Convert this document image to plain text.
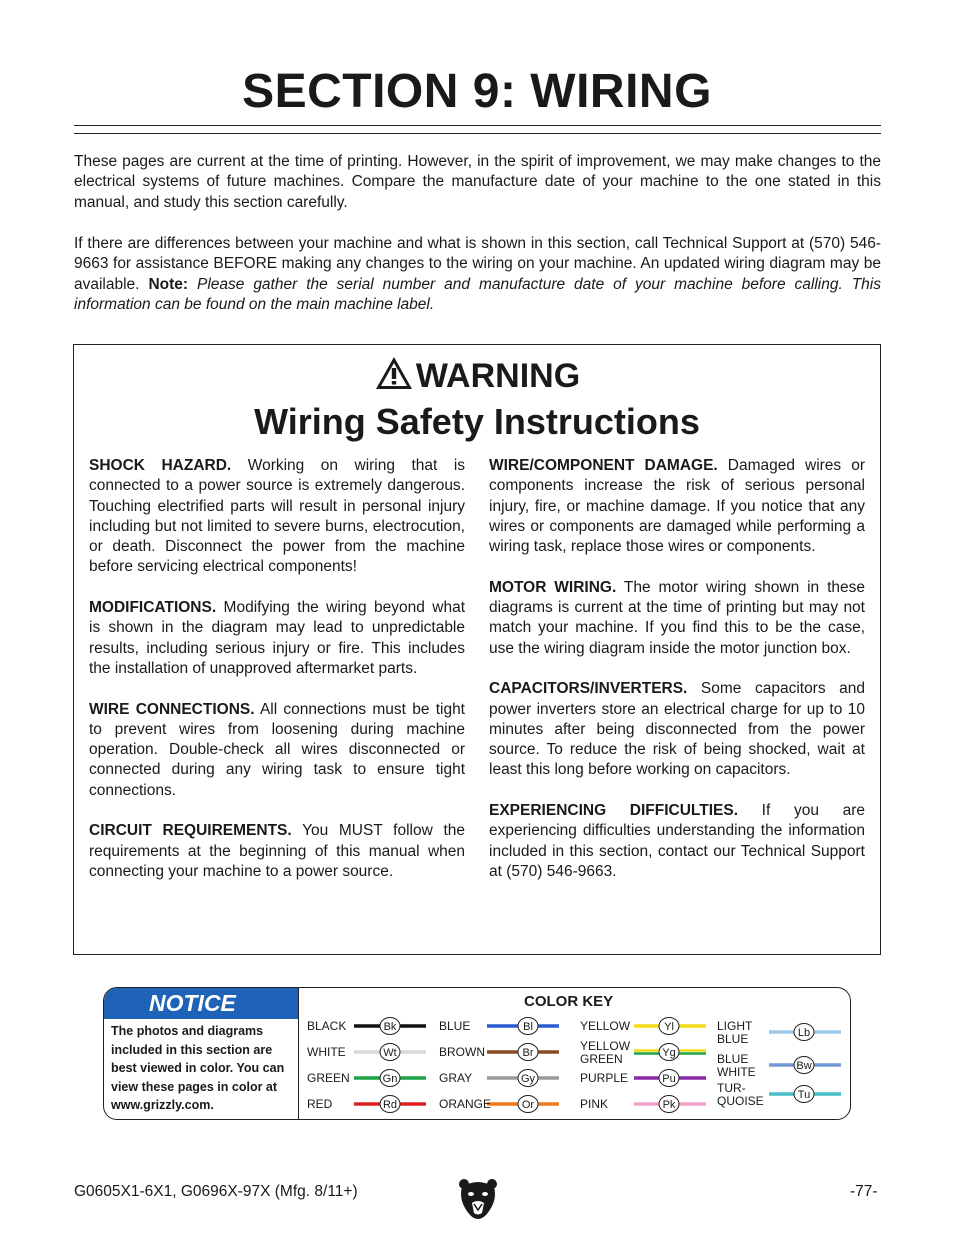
SECTION 9: WIRING

These pages are current at the time of printing. However, in the spirit of improvement, we may make changes to the electrical systems of future machines. Compare the manufacture date of your machine to the one stated in this manual, and study this section carefully.

If there are differences between your machine and what is shown in this section, call Technical Support at (570) 546-9663 for assistance BEFORE making any changes to the wiring on your machine. An updated wiring diagram may be available. Note: Please gather the serial number and manufacture date of your machine before calling. This information can be found on the main machine label.

WARNING
Wiring Safety Instructions

SHOCK HAZARD. Working on wiring that is connected to a power source is extremely dangerous. Touching electrified parts will result in personal injury including but not limited to severe burns, electrocution, or death. Disconnect the power from the machine before servicing electrical components!

MODIFICATIONS. Modifying the wiring beyond what is shown in the diagram may lead to unpredictable results, including serious injury or fire. This includes the installation of unapproved aftermarket parts.

WIRE CONNECTIONS. All connections must be tight to prevent wires from loosening during machine operation. Double-check all wires disconnected or connected during any wiring task to ensure tight connections.

CIRCUIT REQUIREMENTS. You MUST follow the requirements at the beginning of this manual when connecting your machine to a power source.

WIRE/COMPONENT DAMAGE. Damaged wires or components increase the risk of serious personal injury, fire, or machine damage. If you notice that any wires or components are damaged while performing a wiring task, replace those wires or components.

MOTOR WIRING. The motor wiring shown in these diagrams is current at the time of printing but may not match your machine. If you find this to be the case, use the wiring diagram inside the motor junction box.

CAPACITORS/INVERTERS. Some capacitors and power inverters store an electrical charge for up to 10 minutes after being disconnected from the power source. To reduce the risk of being shocked, wait at least this long before working on capacitors.

EXPERIENCING DIFFICULTIES. If you are experiencing difficulties understanding the information included in this section, contact our Technical Support at (570) 546-9663.

NOTICE
The photos and diagrams included in this section are best viewed in color. You can view these pages in color at www.grizzly.com.
COLOR KEY
Bk
Wt
Gn
Rd
Bl
Br
Gy
Or
Yl
Yg
Pu
Pk
Lb
Bw
Tu
BLACK
WHITE
GREEN
RED
BLUE
BROWN
GRAY
ORANGE
YELLOW
GREEN
YELLOW
PURPLE
PINK
BLUE
LIGHT
WHITE
BLUE
QUOISE
TUR-
G0605X1-6X1, G0696X-97X (Mfg. 8/11+)	-77-
